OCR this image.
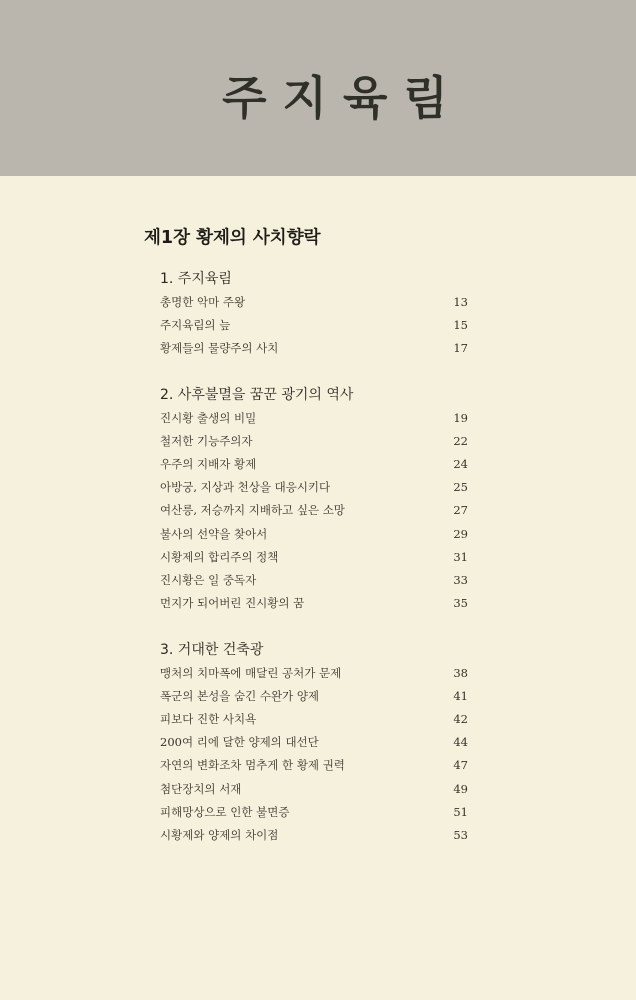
주지육림
제1장 황제의 사치향락
1. 주지육림
총명한 악마 주왕	13
주지육림의 늪	15
황제들의 물량주의 사치	17
2. 사후불멸을 꿈꾼 광기의 역사
진시황 출생의 비밀	19
철저한 기능주의자	22
우주의 지배자 황제	24
아방궁, 지상과 천상을 대응시키다	25
여산릉, 저승까지 지배하고 싶은 소망	27
불사의 선약을 찾아서	29
시황제의 합리주의 정책	31
진시황은 일 중독자	33
먼지가 되어버린 진시황의 꿈	35
3. 거대한 건축광
맹처의 치마폭에 매달린 공처가 문제	38
폭군의 본성을 숨긴 수완가 양제	41
피보다 진한 사치욕	42
200여 리에 달한 양제의 대선단	44
자연의 변화조차 멈추게 한 황제 권력	47
첨단장치의 서재	49
피해망상으로 인한 불면증	51
시황제와 양제의 차이점	53
